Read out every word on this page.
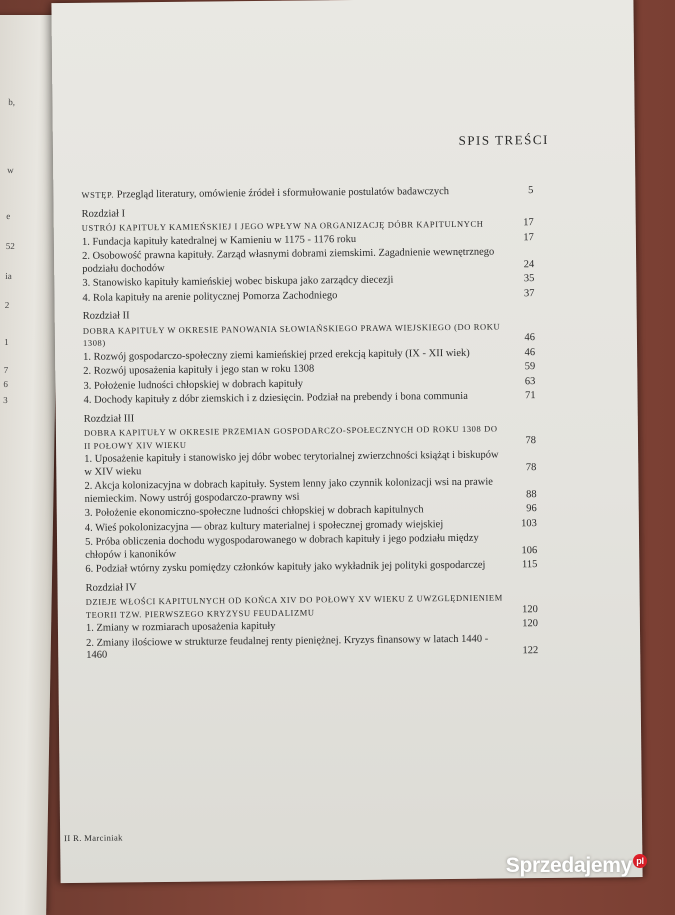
b,
w
e
52
ia
2
1
7
6
3
SPIS TREŚCI
WSTĘP. Przegląd literatury, omówienie źródeł i sformułowanie postulatów badawczych	5
Rozdział I
USTRÓJ KAPITUŁY KAMIEŃSKIEJ I JEGO WPŁYW NA ORGANIZACJĘ DÓBR KAPITULNYCH	17
1. Fundacja kapituły katedralnej w Kamieniu w 1175 - 1176 roku	17
2. Osobowość prawna kapituły. Zarząd własnymi dobrami ziemskimi. Zagadnienie wewnętrznego podziału dochodów	24
3. Stanowisko kapituły kamieńskiej wobec biskupa jako zarządcy diecezji	35
4. Rola kapituły na arenie politycznej Pomorza Zachodniego	37
Rozdział II
DOBRA KAPITUŁY W OKRESIE PANOWANIA SŁOWIAŃSKIEGO PRAWA WIEJSKIEGO (DO ROKU 1308)	46
1. Rozwój gospodarczo-społeczny ziemi kamieńskiej przed erekcją kapituły (IX - XII wiek)	46
2. Rozwój uposażenia kapituły i jego stan w roku 1308	59
3. Położenie ludności chłopskiej w dobrach kapituły	63
4. Dochody kapituły z dóbr ziemskich i z dziesięcin. Podział na prebendy i bona communia	71
Rozdział III
DOBRA KAPITUŁY W OKRESIE PRZEMIAN GOSPODARCZO-SPOŁECZNYCH OD ROKU 1308 DO II POŁOWY XIV WIEKU	78
1. Uposażenie kapituły i stanowisko jej dóbr wobec terytorialnej zwierzchności książąt i biskupów w XIV wieku	78
2. Akcja kolonizacyjna w dobrach kapituły. System lenny jako czynnik kolonizacji wsi na prawie niemieckim. Nowy ustrój gospodarczo-prawny wsi	88
3. Położenie ekonomiczno-społeczne ludności chłopskiej w dobrach kapitulnych	96
4. Wieś pokolonizacyjna — obraz kultury materialnej i społecznej gromady wiejskiej	103
5. Próba obliczenia dochodu wygospodarowanego w dobrach kapituły i jego podziału między chłopów i kanoników	106
6. Podział wtórny zysku pomiędzy członków kapituły jako wykładnik jej polityki gospodarczej	115
Rozdział IV
DZIEJE WŁOŚCI KAPITULNYCH OD KOŃCA XIV DO POŁOWY XV WIEKU Z UWZGLĘDNIENIEM TEORII TZW. PIERWSZEGO KRYZYSU FEUDALIZMU	120
1. Zmiany w rozmiarach uposażenia kapituły	120
2. Zmiany ilościowe w strukturze feudalnej renty pieniężnej. Kryzys finansowy w latach 1440 - 1460	122
II R. Marciniak
Sprzedajemy pl
